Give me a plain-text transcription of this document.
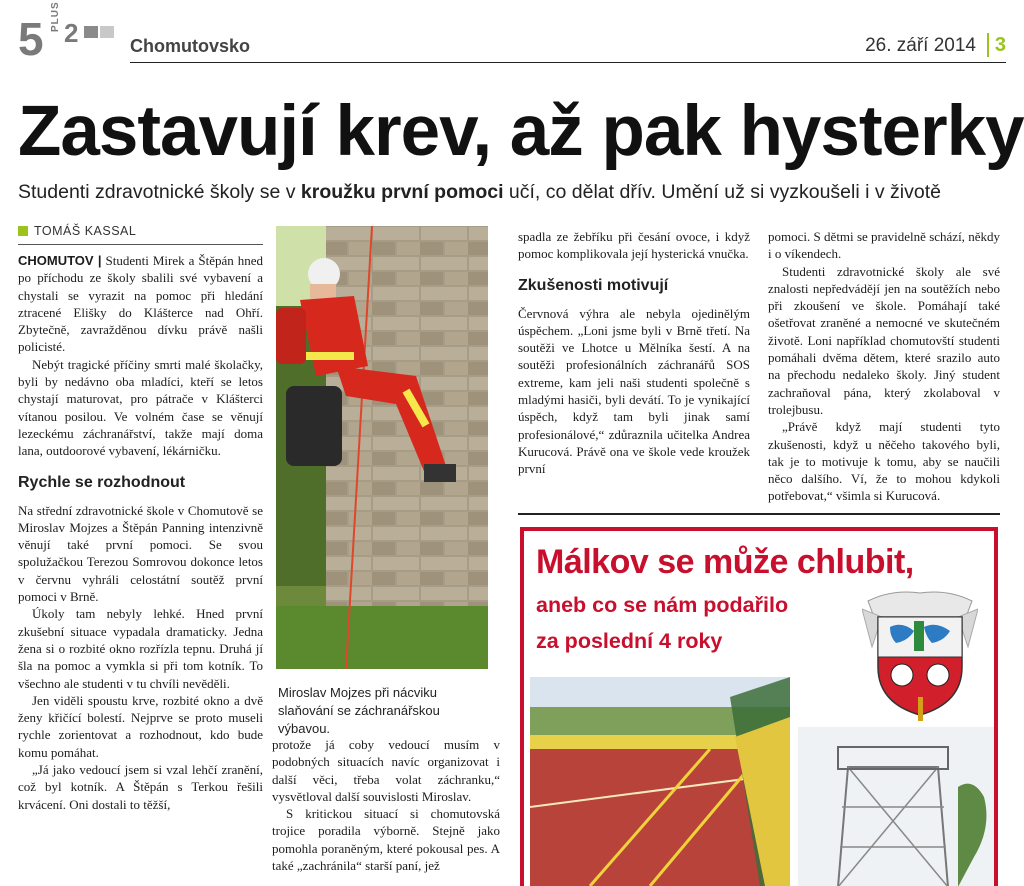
5 PLUS
2	Chomutovsko	26. září 2014 3
Zastavují krev, až pak hysterky
Studenti zdravotnické školy se v kroužku první pomoci učí, co dělat dřív. Umění už si vyzkoušeli i v životě
TOMÁŠ KASSAL

CHOMUTOV | Studenti Mirek a Štěpán hned po příchodu ze školy sbalili své vybavení a chystali se vyrazit na pomoc při hledání ztracené Elišky do Klášterce nad Ohří. Zbytečně, zavražděnou dívku právě našli policisté.

Nebýt tragické příčiny smrti malé školačky, byli by nedávno oba mladíci, kteří se letos chystají maturovat, pro pátrače v Klášterci vítanou posilou. Ve volném čase se věnují lezeckému záchranářství, takže mají doma lana, outdoorové vybavení, lékárničku.

Rychle se rozhodnout

Na střední zdravotnické škole v Chomutově se Miroslav Mojzes a Štěpán Panning intenzivně věnují také první pomoci. Se svou spolužačkou Terezou Somrovou dokonce letos v červnu vyhráli celostátní soutěž první pomoci v Brně.

Úkoly tam nebyly lehké. Hned první zkušební situace vypadala dramaticky. Jedna žena si o rozbité okno rozřízla tepnu. Druhá jí šla na pomoc a vymkla si při tom kotník. To všechno ale studenti v tu chvíli nevěděli.

Jen viděli spoustu krve, rozbité okno a dvě ženy křičící bolestí. Nejprve se proto museli rychle zorientovat a rozhodnout, kdo bude komu pomáhat.

„Já jako vedoucí jsem si vzal lehčí zranění, což byl kotník. A Štěpán s Terkou řešili krvácení. Oni dostali to těžší,

Miroslav Mojzes při nácviku slaňování se záchranářskou výbavou.

protože já coby vedoucí musím v podobných situacích navíc organizovat i další věci, třeba volat záchranku,“ vysvětloval další souvislosti Miroslav.

S kritickou situací si chomutovská trojice poradila výborně. Stejně jako pomohla poraněným, které pokousal pes. A také „zachránila“ starší paní, jež

spadla ze žebříku při česání ovoce, i když pomoc komplikovala její hysterická vnučka.

Zkušenosti motivují

Červnová výhra ale nebyla ojedinělým úspěchem. „Loni jsme byli v Brně třetí. Na soutěži ve Lhotce u Mělníka šestí. A na soutěži profesionálních záchranářů SOS extreme, kam jeli naši studenti společně s mladými hasiči, byli devátí. To je vynikající úspěch, když tam byli jinak samí profesionálové,“ zdůraznila učitelka Andrea Kurucová. Právě ona ve škole vede kroužek první

pomoci. S dětmi se pravidelně schází, někdy i o víkendech.

Studenti zdravotnické školy ale své znalosti nepředvádějí jen na soutěžích nebo při zkoušení ve škole. Pomáhají také ošetřovat zraněné a nemocné ve skutečném životě. Loni například chomutovští studenti pomáhali dvěma dětem, které srazilo auto na přechodu nedaleko školy. Jiný student zachraňoval pána, který zkolaboval v trolejbusu.

„Právě když mají studenti tyto zkušenosti, když u něčeho takového byli, tak je to motivuje k tomu, aby se naučili něco dalšího. Ví, že to mohou kdykoli potřebovat,“ všimla si Kurucová.

Málkov se může chlubit,
aneb co se nám podařilo
za poslední 4 roky
